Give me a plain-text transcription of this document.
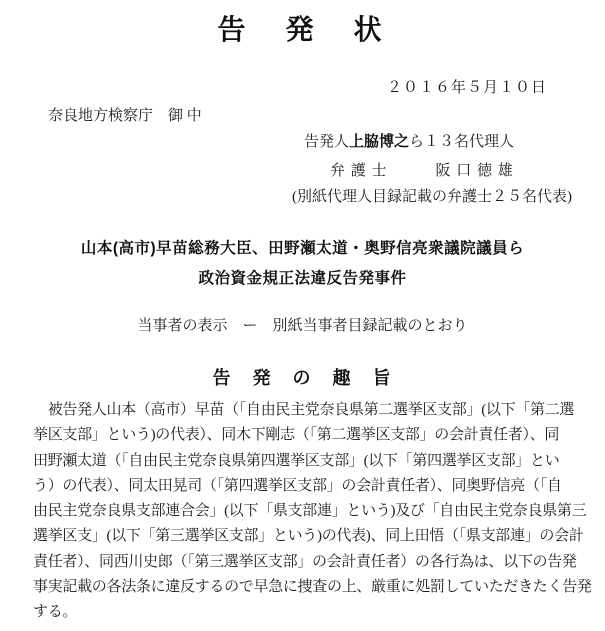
告　発　状
２０１６年５月１０日
奈良地方検察庁　御 中
告発人上脇博之ら１３名代理人
弁 護 士　　　阪 口 徳 雄
(別紙代理人目録記載の弁護士２５名代表)
山本(高市)早苗総務大臣、田野瀬太道・奥野信亮衆議院議員ら
政治資金規正法違反告発事件
当事者の表示　ー　別紙当事者目録記載のとおり
告　発　の　趣　旨
　被告発人山本（高市）早苗（「自由民主党奈良県第二選挙区支部」(以下「第二選
挙区支部」という)の代表）、同木下剛志（「第二選挙区支部」の会計責任者）、同
田野瀬太道（「自由民主党奈良県第四選挙区支部」(以下「第四選挙区支部」とい
う）の代表）、同太田晃司（「第四選挙区支部」の会計責任者）、同奥野信亮（「自
由民主党奈良県支部連合会」(以下「県支部連」という)及び「自由民主党奈良県第三
選挙区支」(以下「第三選挙区支部」という)の代表)、同上田悟（「県支部連」の会計
責任者）、同西川史郎（「第三選挙区支部」の会計責任者）の各行為は、以下の告発
事実記載の各法条に違反するので早急に捜査の上、厳重に処罰していただきたく告発
する。
